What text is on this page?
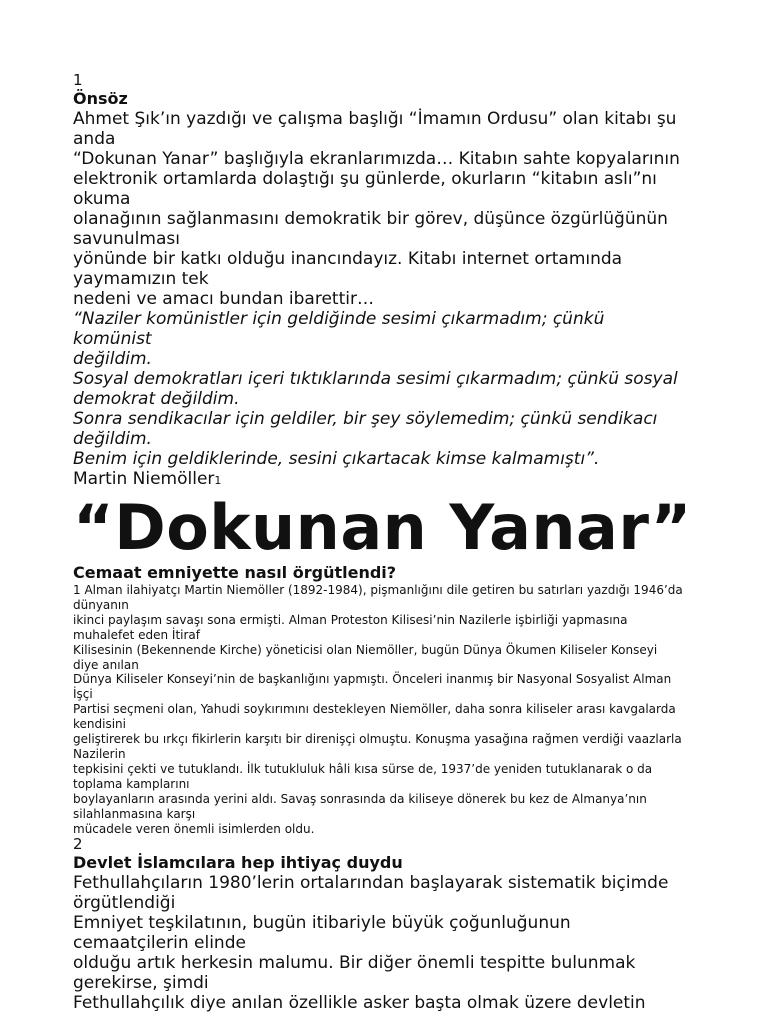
1

Önsöz

Ahmet Şık’ın yazdığı ve çalışma başlığı “İmamın Ordusu” olan kitabı şu

anda

“Dokunan Yanar” başlığıyla ekranlarımızda… Kitabın sahte kopyalarının

elektronik ortamlarda dolaştığı şu günlerde, okurların “kitabın aslı”nı

okuma

olanağının sağlanmasını demokratik bir görev, düşünce özgürlüğünün

savunulması

yönünde bir katkı olduğu inancındayız. Kitabı internet ortamında

yaymamızın tek

nedeni ve amacı bundan ibarettir…

“Naziler komünistler için geldiğinde sesimi çıkarmadım; çünkü

komünist

değildim.

Sosyal demokratları içeri tıktıklarında sesimi çıkarmadım; çünkü sosyal

demokrat değildim.

Sonra sendikacılar için geldiler, bir şey söylemedim; çünkü sendikacı

değildim.

Benim için geldiklerinde, sesini çıkartacak kimse kalmamıştı”.

Martin Niemöller1

“Dokunan Yanar”

Cemaat emniyette nasıl örgütlendi?

1 Alman ilahiyatçı Martin Niemöller (1892-1984), pişmanlığını dile getiren bu satırları yazdığı 1946’da

dünyanın

ikinci paylaşım savaşı sona ermişti. Alman Proteston Kilisesi’nin Nazilerle işbirliği yapmasına

muhalefet eden İtiraf

Kilisesinin (Bekennende Kirche) yöneticisi olan Niemöller, bugün Dünya Ökumen Kiliseler Konseyi

diye anılan

Dünya Kiliseler Konseyi’nin de başkanlığını yapmıştı. Önceleri inanmış bir Nasyonal Sosyalist Alman

İşçi

Partisi seçmeni olan, Yahudi soykırımını destekleyen Niemöller, daha sonra kiliseler arası kavgalarda

kendisini

geliştirerek bu ırkçı fikirlerin karşıtı bir direnişçi olmuştu. Konuşma yasağına rağmen verdiği vaazlarla

Nazilerin

tepkisini çekti ve tutuklandı. İlk tutukluluk hâli kısa sürse de, 1937’de yeniden tutuklanarak o da

toplama kamplarını

boylayanların arasında yerini aldı. Savaş sonrasında da kiliseye dönerek bu kez de Almanya’nın

silahlanmasına karşı

mücadele veren önemli isimlerden oldu.

2

Devlet İslamcılara hep ihtiyaç duydu

Fethullahçıların 1980’lerin ortalarından başlayarak sistematik biçimde

örgütlendiği

Emniyet teşkilatının, bugün itibariyle büyük çoğunluğunun

cemaatçilerin elinde

olduğu artık herkesin malumu. Bir diğer önemli tespitte bulunmak

gerekirse, şimdi

Fethullahçılık diye anılan özellikle asker başta olmak üzere devletin
